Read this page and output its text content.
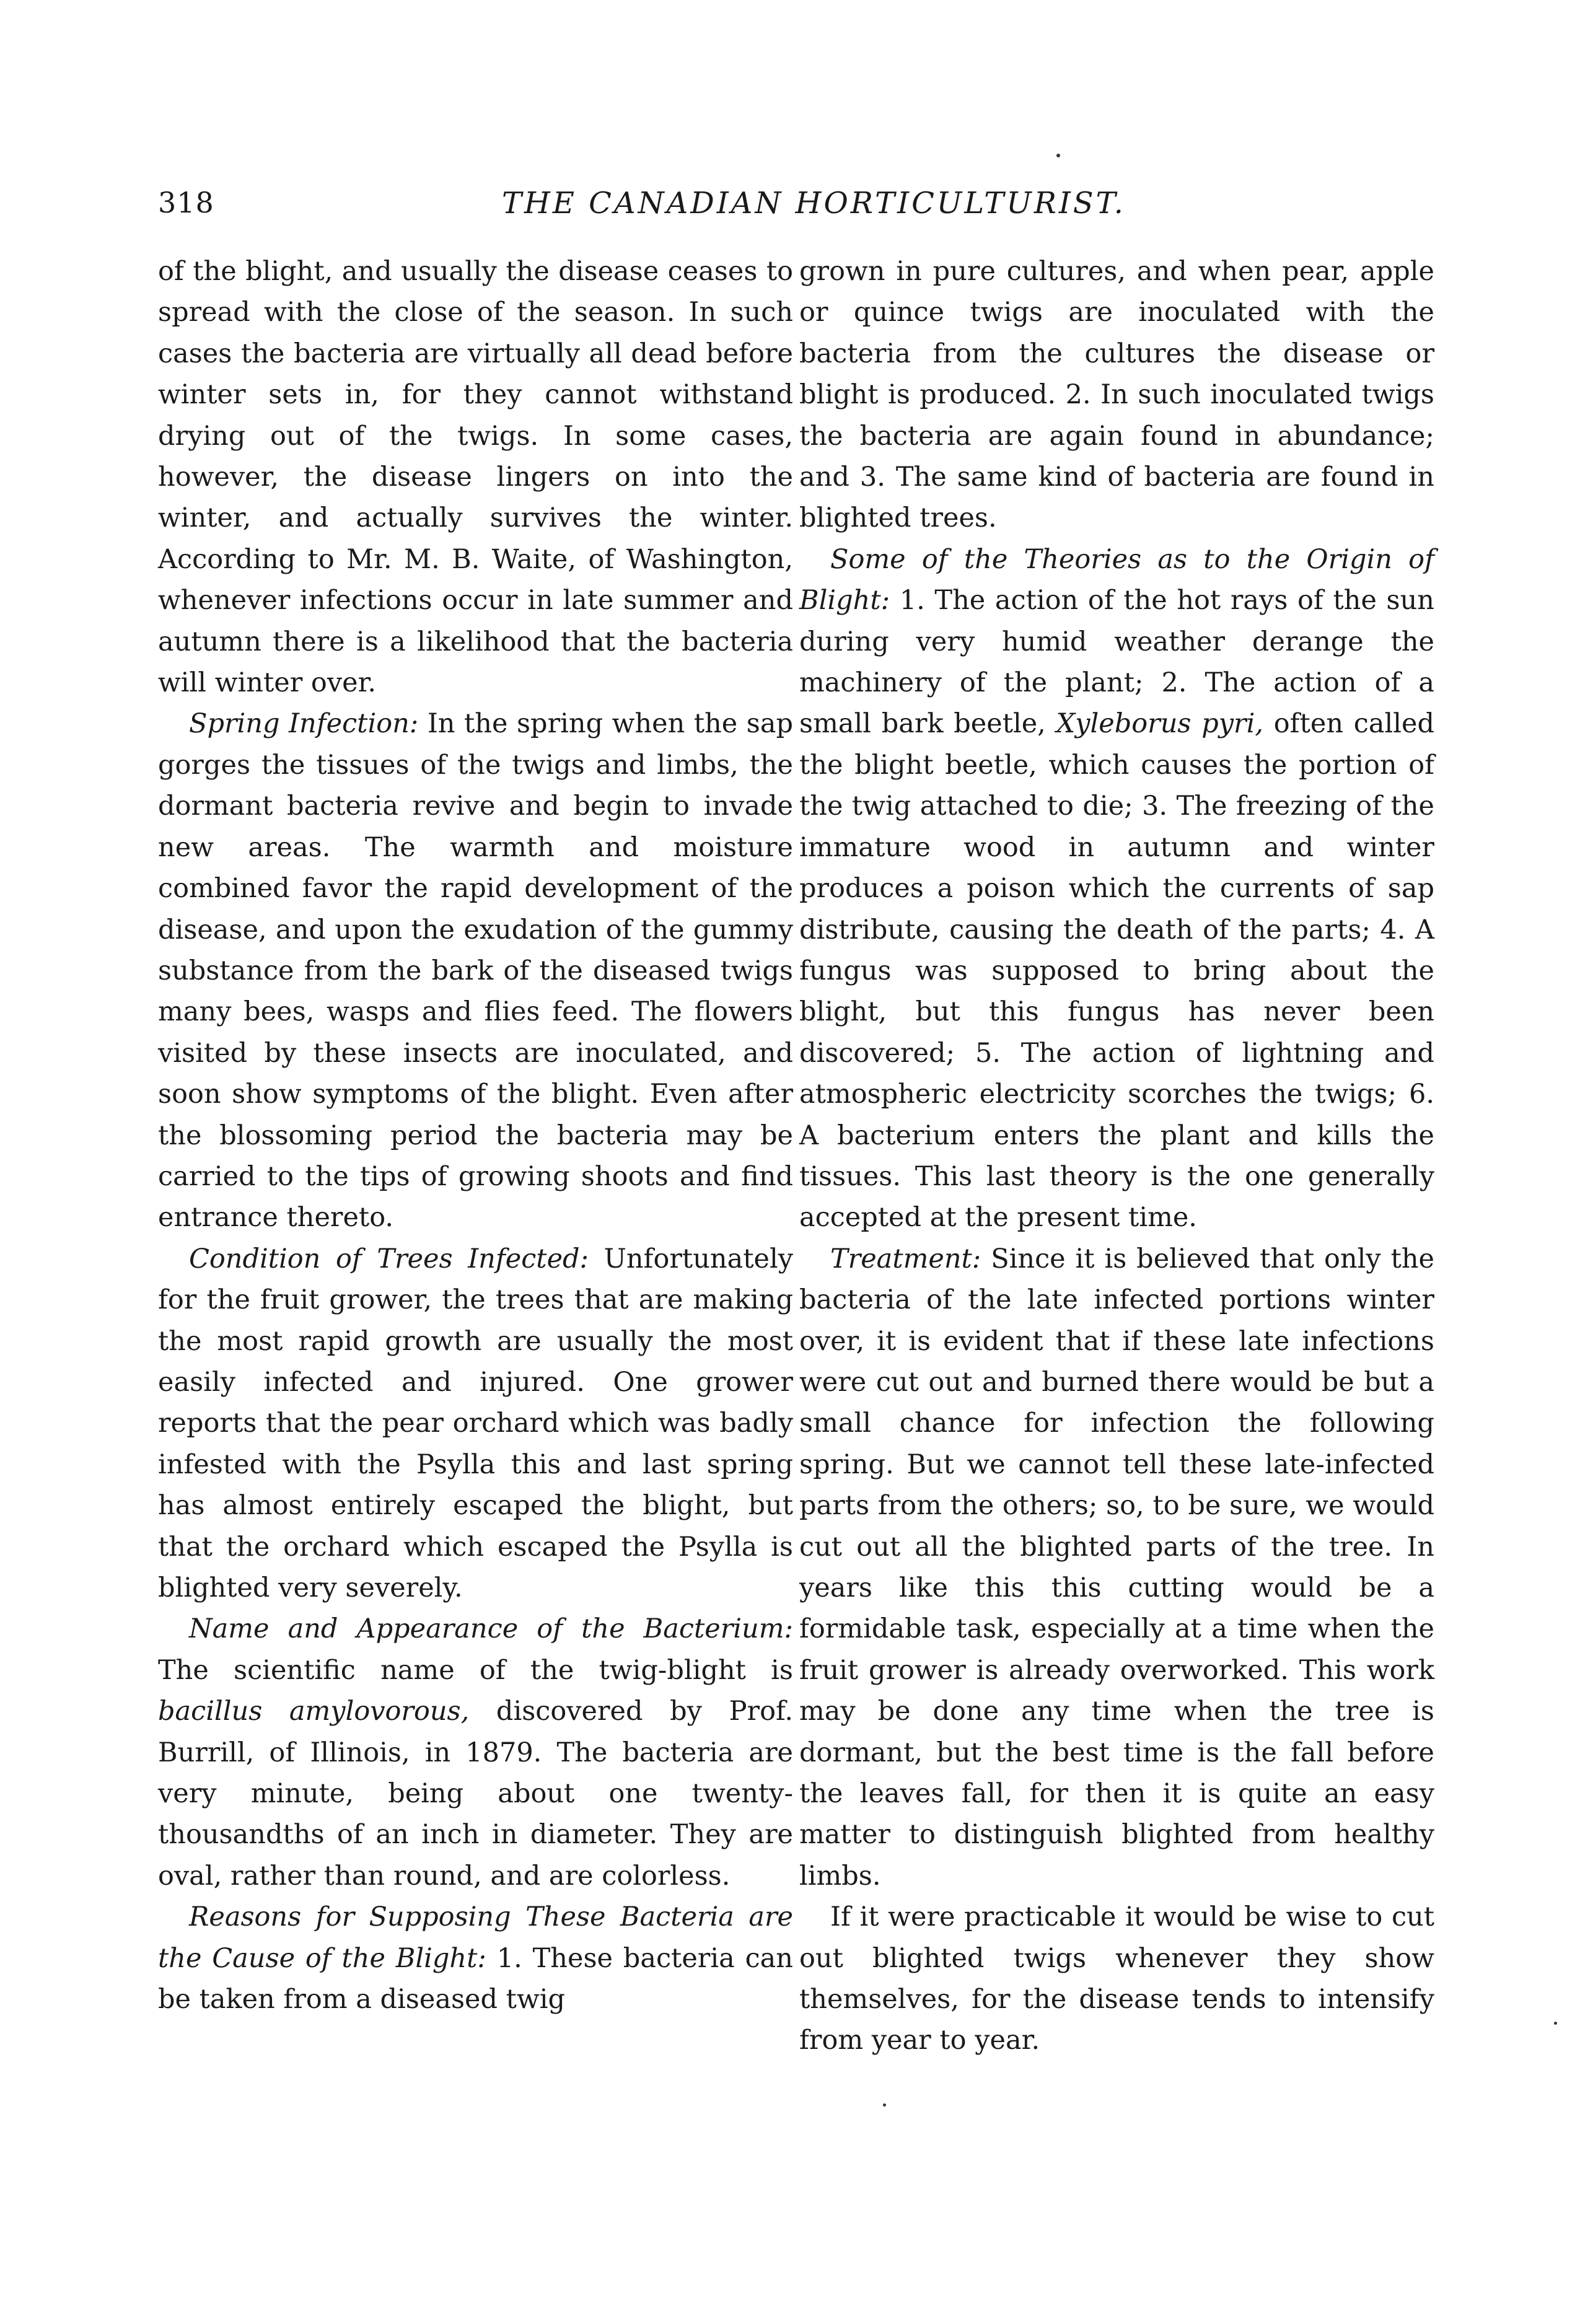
318	THE CANADIAN HORTICULTURIST.

of the blight, and usually the disease ceases to spread with the close of the season. In such cases the bacteria are virtually all dead before winter sets in, for they cannot withstand drying out of the twigs. In some cases, however, the disease lingers on into the winter, and actually survives the winter. According to Mr. M. B. Waite, of Washington, whenever infections occur in late summer and autumn there is a likelihood that the bacteria will winter over.

Spring Infection: In the spring when the sap gorges the tissues of the twigs and limbs, the dormant bacteria revive and begin to invade new areas. The warmth and moisture combined favor the rapid development of the disease, and upon the exudation of the gummy substance from the bark of the diseased twigs many bees, wasps and flies feed. The flowers visited by these insects are inoculated, and soon show symptoms of the blight. Even after the blossoming period the bacteria may be carried to the tips of growing shoots and find entrance thereto.

Condition of Trees Infected: Unfortunately for the fruit grower, the trees that are making the most rapid growth are usually the most easily infected and injured. One grower reports that the pear orchard which was badly infested with the Psylla this and last spring has almost entirely escaped the blight, but that the orchard which escaped the Psylla is blighted very severely.

Name and Appearance of the Bacterium: The scientific name of the twig-blight is bacillus amylovorous, discovered by Prof. Burrill, of Illinois, in 1879. The bacteria are very minute, being about one twenty-thousandths of an inch in diameter. They are oval, rather than round, and are colorless.

Reasons for Supposing These Bacteria are the Cause of the Blight: 1. These bacteria can be taken from a diseased twig

grown in pure cultures, and when pear, apple or quince twigs are inoculated with the bacteria from the cultures the disease or blight is produced. 2. In such inoculated twigs the bacteria are again found in abundance; and 3. The same kind of bacteria are found in blighted trees.

Some of the Theories as to the Origin of Blight: 1. The action of the hot rays of the sun during very humid weather derange the machinery of the plant; 2. The action of a small bark beetle, Xyleborus pyri, often called the blight beetle, which causes the portion of the twig attached to die; 3. The freezing of the immature wood in autumn and winter produces a poison which the currents of sap distribute, causing the death of the parts; 4. A fungus was supposed to bring about the blight, but this fungus has never been discovered; 5. The action of lightning and atmospheric electricity scorches the twigs; 6. A bacterium enters the plant and kills the tissues. This last theory is the one generally accepted at the present time.

Treatment: Since it is believed that only the bacteria of the late infected portions winter over, it is evident that if these late infections were cut out and burned there would be but a small chance for infection the following spring. But we cannot tell these late-infected parts from the others; so, to be sure, we would cut out all the blighted parts of the tree. In years like this this cutting would be a formidable task, especially at a time when the fruit grower is already overworked. This work may be done any time when the tree is dormant, but the best time is the fall before the leaves fall, for then it is quite an easy matter to distinguish blighted from healthy limbs.

If it were practicable it would be wise to cut out blighted twigs whenever they show themselves, for the disease tends to intensify from year to year.
